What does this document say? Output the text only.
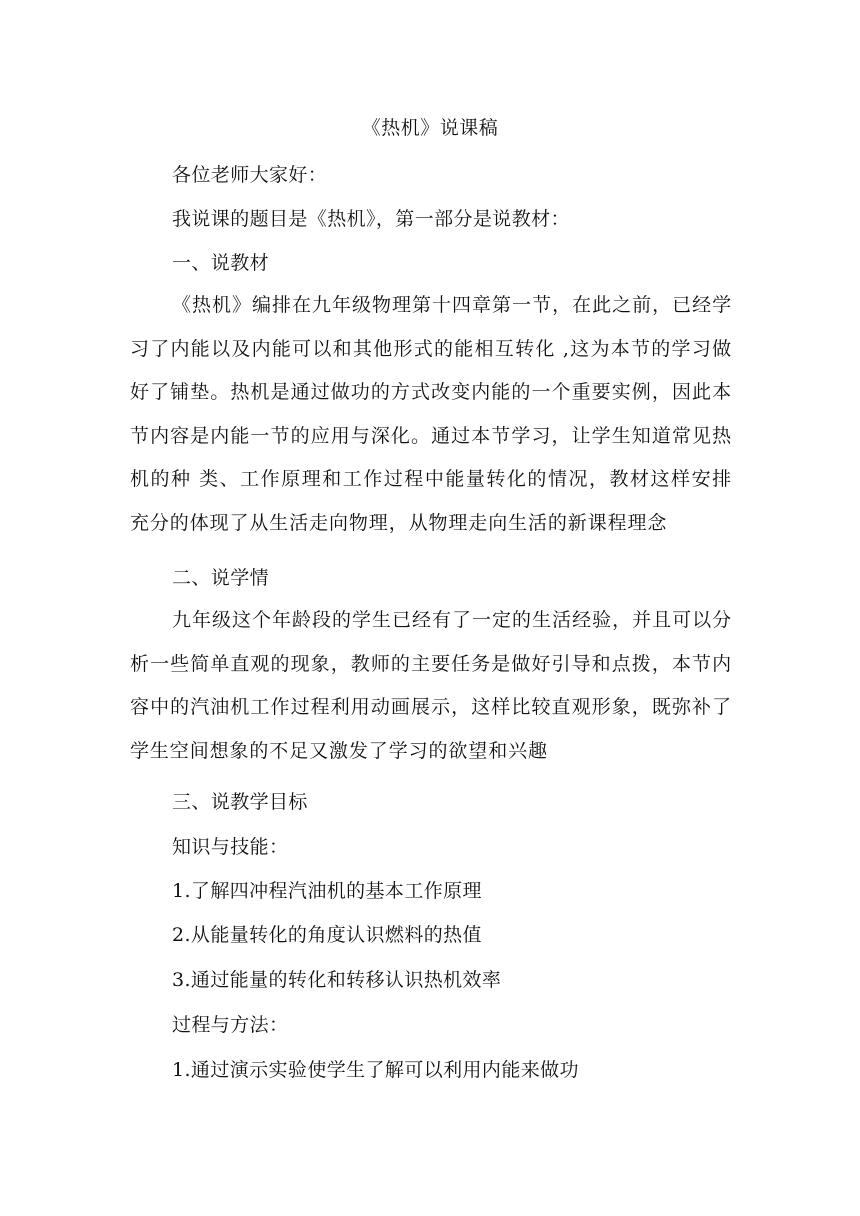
《热机》说课稿
各位老师大家好：
我说课的题目是《热机》，第一部分是说教材：
一、说教材
《热机》编排在九年级物理第十四章第一节，在此之前，已经学习了内能以及内能可以和其他形式的能相互转化 ,这为本节的学习做好了铺垫。热机是通过做功的方式改变内能的一个重要实例，因此本节内容是内能一节的应用与深化。通过本节学习，让学生知道常见热机的种 类、工作原理和工作过程中能量转化的情况，教材这样安排充分的体现了从生活走向物理，从物理走向生活的新课程理念
二、说学情
九年级这个年龄段的学生已经有了一定的生活经验，并且可以分析一些简单直观的现象，教师的主要任务是做好引导和点拨，本节内容中的汽油机工作过程利用动画展示，这样比较直观形象，既弥补了学生空间想象的不足又激发了学习的欲望和兴趣
三、说教学目标
知识与技能：
1.了解四冲程汽油机的基本工作原理
2.从能量转化的角度认识燃料的热值
3.通过能量的转化和转移认识热机效率
过程与方法：
1.通过演示实验使学生了解可以利用内能来做功
